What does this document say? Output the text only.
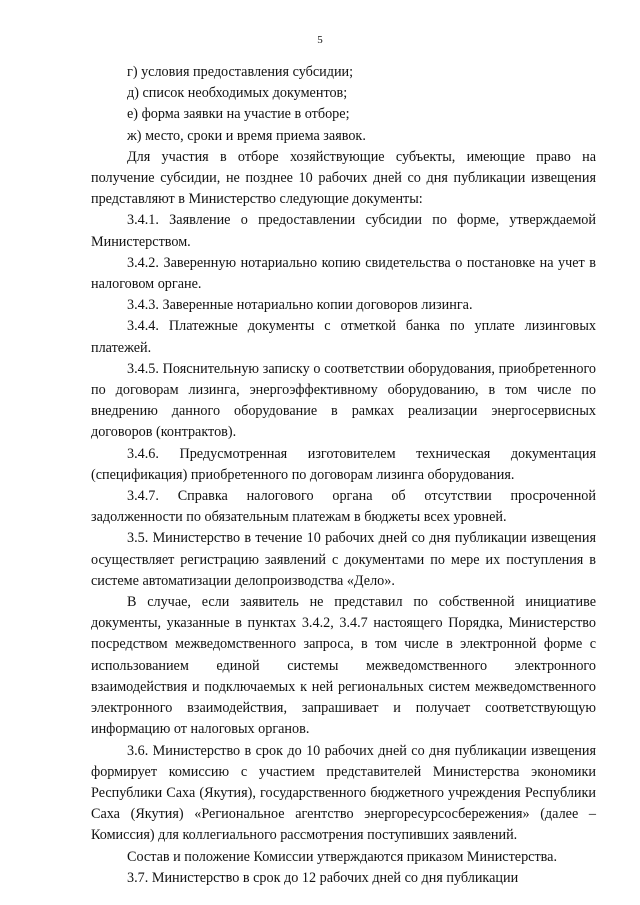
5

г) условия предоставления субсидии;

д) список необходимых документов;

е) форма заявки на участие в отборе;

ж) место, сроки и время приема заявок.

Для участия в отборе хозяйствующие субъекты, имеющие право на получение субсидии, не позднее 10 рабочих дней со дня публикации извещения представляют в Министерство следующие документы:

3.4.1. Заявление о предоставлении субсидии по форме, утверждаемой Министерством.

3.4.2. Заверенную нотариально копию свидетельства о постановке на учет в налоговом органе.

3.4.3. Заверенные нотариально копии договоров лизинга.

3.4.4. Платежные документы с отметкой банка по уплате лизинговых платежей.

3.4.5. Пояснительную записку о соответствии оборудования, приобретенного по договорам лизинга, энергоэффективному оборудованию, в том числе по внедрению данного оборудование в рамках реализации энергосервисных договоров (контрактов).

3.4.6. Предусмотренная изготовителем техническая документация (спецификация) приобретенного по договорам лизинга оборудования.

3.4.7. Справка налогового органа об отсутствии просроченной задолженности по обязательным платежам в бюджеты всех уровней.

3.5. Министерство в течение 10 рабочих дней со дня публикации извещения осуществляет регистрацию заявлений с документами по мере их поступления в системе автоматизации делопроизводства «Дело».

В случае, если заявитель не представил по собственной инициативе документы, указанные в пунктах 3.4.2, 3.4.7 настоящего Порядка, Министерство посредством межведомственного запроса, в том числе в электронной форме с использованием единой системы межведомственного электронного взаимодействия и подключаемых к ней региональных систем межведомственного электронного взаимодействия, запрашивает и получает соответствующую информацию от налоговых органов.

3.6. Министерство в срок до 10 рабочих дней со дня публикации извещения формирует комиссию с участием представителей Министерства экономики Республики Саха (Якутия), государственного бюджетного учреждения Республики Саха (Якутия) «Региональное агентство энергоресурсосбережения» (далее – Комиссия) для коллегиального рассмотрения поступивших заявлений.

Состав и положение Комиссии утверждаются приказом Министерства.

3.7. Министерство в срок до 12 рабочих дней со дня публикации
